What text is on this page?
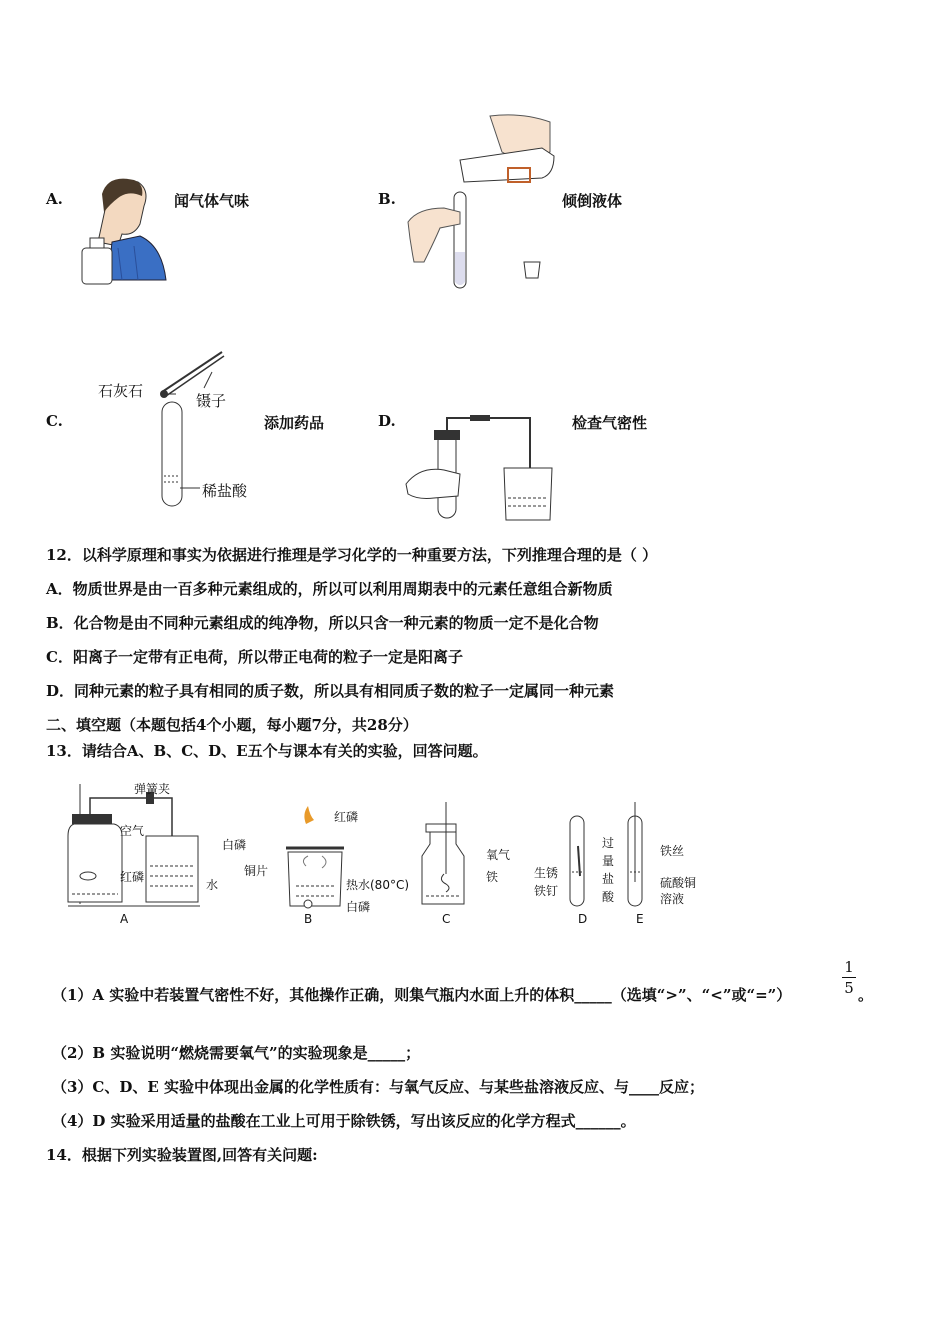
A.	闻气体气味	B.	倾倒液体
C.	添加药品
石灰石
镊子
稀盐酸
D.	检查气密性
12．以科学原理和事实为依据进行推理是学习化学的一种重要方法，下列推理合理的是（ ）
A．物质世界是由一百多种元素组成的，所以可以利用周期表中的元素任意组合新物质
B．化合物是由不同种元素组成的纯净物，所以只含一种元素的物质一定不是化合物
C．阳离子一定带有正电荷，所以带正电荷的粒子一定是阳离子
D．同种元素的粒子具有相同的质子数，所以具有相同质子数的粒子一定属同一种元素
二、填空题（本题包括4个小题，每小题7分，共28分）
13．请结合A、B、C、D、E五个与课本有关的实验，回答问题。
弹簧夹
空气
红磷
水
白磷
红磷
铜片
热水(80°C)
白磷
氧气
铁	生锈
铁钉
过
量
盐
酸
铁丝
硫酸铜
溶液
A	B	C	D	E
（1）A 实验中若装置气密性不好，其他操作正确，则集气瓶内水面上升的体积_____（选填“>”、“<”或“=”）
1
5 。
（2）B 实验说明“燃烧需要氧气”的实验现象是_____；
（3）C、D、E 实验中体现出金属的化学性质有：与氧气反应、与某些盐溶液反应、与____反应；
（4）D 实验采用适量的盐酸在工业上可用于除铁锈，写出该反应的化学方程式______。
14．根据下列实验装置图,回答有关问题:
